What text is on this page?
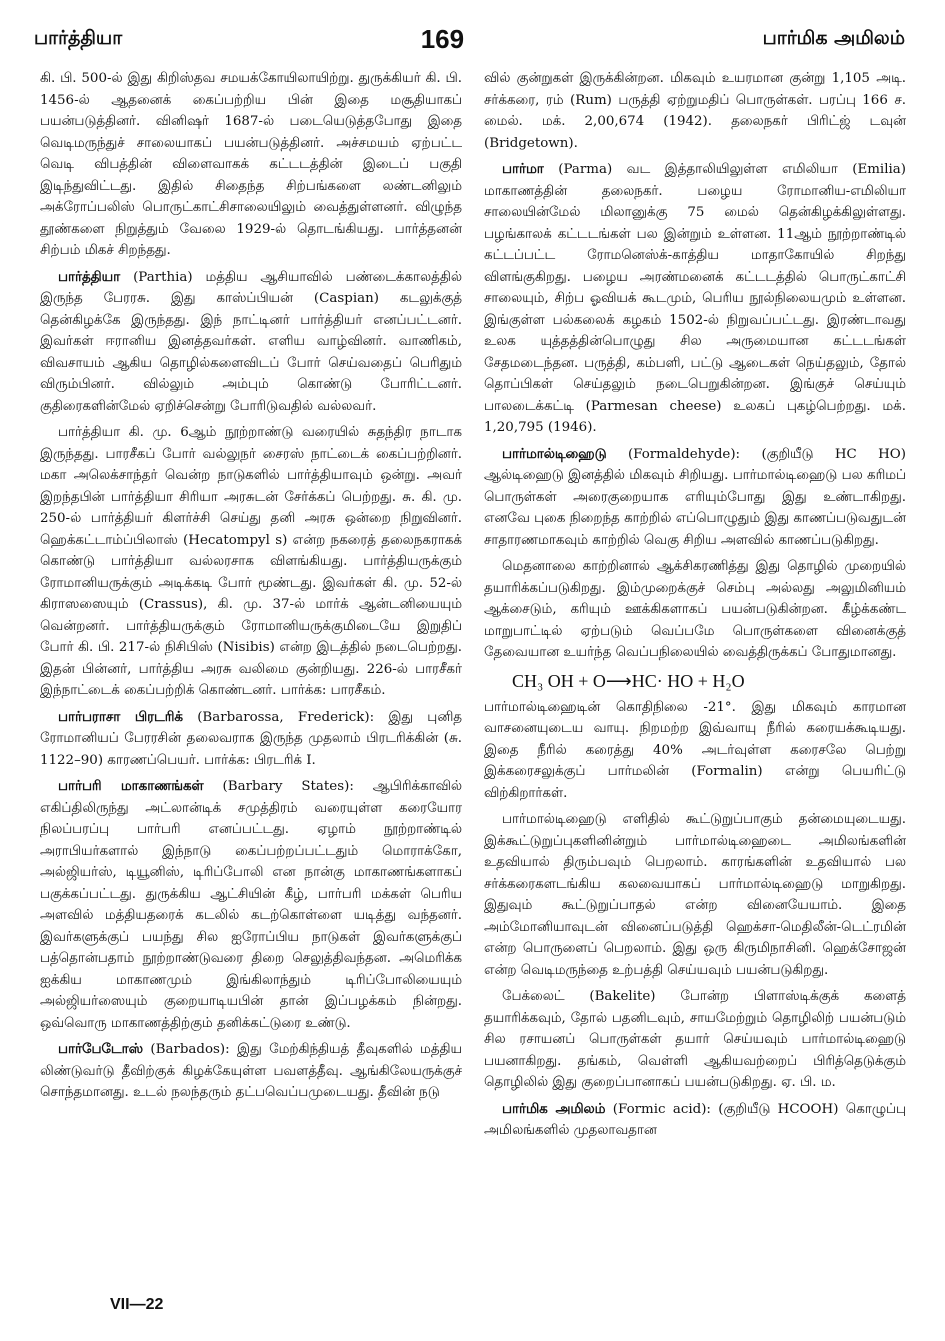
பார்த்தியா	169	பார்மிக அமிலம்

கி. பி. 500-ல் இது கிறிஸ்தவ சமயக்கோயிலாயிற்று. துருக்கியர் கி. பி. 1456-ல் ஆதனைக் கைப்பற்றிய பின் இதை மசூதியாகப் பயன்படுத்தினர். வினிஷர் 1687-ல் படையெடுத்தபோது இதை வெடிமருந்துச் சாலையாகப் பயன்படுத்தினர். அச்சமயம் ஏற்பட்ட வெடி விபத்தின் விளைவாகக் கட்டடத்தின் இடைப் பகுதி இடிந்துவிட்டது. இதில் சிதைந்த சிற்பங்களை லண்டனிலும் அக்ரோப்பலிஸ் பொருட்காட்சிசாலையிலும் வைத்துள்ளனர். விழுந்த தூண்களை நிறுத்தும் வேலை 1929-ல் தொடங்கியது. பார்த்தனன் சிற்பம் மிகச் சிறந்தது.

பார்த்தியா (Parthia) மத்திய ஆசியாவில் பண்டைக்காலத்தில் இருந்த பேரரசு. இது காஸ்ப்பியன் (Caspian) கடலுக்குத் தென்கிழக்கே இருந்தது. இந் நாட்டினர் பார்த்தியர் எனப்பட்டனர். இவர்கள் ஈரானிய இனத்தவர்கள். எளிய வாழ்வினர். வாணிகம், விவசாயம் ஆகிய தொழில்களைவிடப் போர் செய்வதைப் பெரிதும் விரும்பினர். வில்லும் அம்பும் கொண்டு போரிட்டனர். குதிரைகளின்மேல் ஏறிச்சென்று போரிடுவதில் வல்லவர்.

பார்த்தியா கி. மு. 6ஆம் நூற்றாண்டு வரையில் சுதந்திர நாடாக இருந்தது. பாரசீகப் போர் வல்லுநர் சைரஸ் நாட்டைக் கைப்பற்றினர். மகா அலெக்சாந்தர் வென்ற நாடுகளில் பார்த்தியாவும் ஒன்று. அவர் இறந்தபின் பார்த்தியா சிரியா அரசுடன் சேர்க்கப் பெற்றது. சு. கி. மு. 250-ல் பார்த்தியர் கிளர்ச்சி செய்து தனி அரசு ஒன்றை நிறுவினர். ஹெக்கட்டாம்ப்பிலாஸ் (Hecatompyl s) என்ற நகரைத் தலைநகராகக் கொண்டு பார்த்தியா வல்லரசாக விளங்கியது. பார்த்தியருக்கும் ரோமானியருக்கும் அடிக்கடி போர் மூண்டது. இவர்கள் கி. மு. 52-ல் கிராஸஸையும் (Crassus), கி. மு. 37-ல் மார்க் ஆன்டனியையும் வென்றனர். பார்த்தியருக்கும் ரோமானியருக்குமிடையே இறுதிப் போர் கி. பி. 217-ல் நிசிபிஸ் (Nisibis) என்ற இடத்தில் நடைபெற்றது. இதன் பின்னர், பார்த்திய அரசு வலிமை குன்றியது. 226-ல் பாரசீகர் இந்நாட்டைக் கைப்பற்றிக் கொண்டனர். பார்க்க: பாரசீகம்.

பார்பராசா பிரடரிக் (Barbarossa, Frederick): இது புனித ரோமானியப் பேரரசின் தலைவராக இருந்த முதலாம் பிரடரிக்கின் (சு. 1122–90) காரணப்பெயர். பார்க்க: பிரடரிக் I.

பார்பரி மாகாணங்கள் (Barbary States): ஆபிரிக்காவில் எகிப்திலிருந்து அட்லான்டிக் சமுத்திரம் வரையுள்ள கரையோர நிலப்பரப்பு பார்பரி எனப்பட்டது. ஏழாம் நூற்றாண்டில் அராபியர்களால் இந்நாடு கைப்பற்றப்பட்டதும் மொராக்கோ, அல்ஜியர்ஸ், டியூனிஸ், டிரிப்போலி என நான்கு மாகாணங்களாகப் பகுக்கப்பட்டது. துருக்கிய ஆட்சியின் கீழ், பார்பரி மக்கள் பெரிய அளவில் மத்தியதரைக் கடலில் கடற்கொள்ளை யடித்து வந்தனர். இவர்களுக்குப் பயந்து சில ஐரோப்பிய நாடுகள் இவர்களுக்குப் பத்தொன்பதாம் நூற்றாண்டுவரை திறை செலுத்திவந்தன. அமெரிக்க ஐக்கிய மாகாணமும் இங்கிலாந்தும் டிரிப்போலியையும் அல்ஜியர்ஸையும் குறையாடியபின் தான் இப்பழக்கம் நின்றது. ஒவ்வொரு மாகாணத்திற்கும் தனிக்கட்டுரை உண்டு.

பார்பேடோஸ் (Barbados): இது மேற்கிந்தியத் தீவுகளில் மத்திய லிண்டுவர்டு தீவிற்குக் கிழக்கேயுள்ள பவளத்தீவு. ஆங்கிலேயருக்குச் சொந்தமானது. உடல் நலந்தரும் தட்பவெப்பமுடையது. தீவின் நடு

வில் குன்றுகள் இருக்கின்றன. மிகவும் உயரமான குன்று 1,105 அடி. சர்க்கரை, ரம் (Rum) பருத்தி ஏற்றுமதிப் பொருள்கள். பரப்பு 166 ச. மைல். மக். 2,00,674 (1942). தலைநகர் பிரிட்ஜ் டவுன் (Bridgetown).

பார்மா (Parma) வட இத்தாலியிலுள்ள எமிலியா (Emilia) மாகாணத்தின் தலைநகர். பழைய ரோமானிய-எமிலியா சாலையின்மேல் மிலானுக்கு 75 மைல் தென்கிழக்கிலுள்ளது. பழங்காலக் கட்டடங்கள் பல இன்றும் உள்ளன. 11ஆம் நூற்றாண்டில் கட்டப்பட்ட ரோமனெஸ்க்-காத்திய மாதாகோயில் சிறந்து விளங்குகிறது. பழைய அரண்மனைக் கட்டடத்தில் பொருட்காட்சி சாலையும், சிற்ப ஓவியக் கூடமும், பெரிய நூல்நிலையமும் உள்ளன. இங்குள்ள பல்கலைக் கழகம் 1502-ல் நிறுவப்பட்டது. இரண்டாவது உலக யுத்தத்தின்பொழுது சில அருமையான கட்டடங்கள் சேதமடைந்தன. பருத்தி, கம்பளி, பட்டு ஆடைகள் நெய்தலும், தோல் தொப்பிகள் செய்தலும் நடைபெறுகின்றன. இங்குச் செய்யும் பாலடைக்கட்டி (Parmesan cheese) உலகப் புகழ்பெற்றது. மக். 1,20,795 (1946).

பார்மால்டிஹைடு (Formaldehyde): (குறியீடு HC HO) ஆல்டிஹைடு இனத்தில் மிகவும் சிறியது. பார்மால்டிஹைடு பல கரிமப் பொருள்கள் அரைகுறையாக எரியும்போது இது உண்டாகிறது. எனவே புகை நிறைந்த காற்றில் எப்பொழுதும் இது காணப்படுவதுடன் சாதாரணமாகவும் காற்றில் வெகு சிறிய அளவில் காணப்படுகிறது.

மெதனாலை காற்றினால் ஆக்சிகரணித்து இது தொழில் முறையில் தயாரிக்கப்படுகிறது. இம்முறைக்குச் செம்பு அல்லது அலுமினியம் ஆக்சைடும், கரியும் ஊக்கிகளாகப் பயன்படுகின்றன. கீழ்க்கண்ட மாறுபாட்டில் ஏற்படும் வெப்பமே பொருள்களை வினைக்குத் தேவையான உயர்ந்த வெப்பநிலையில் வைத்திருக்கப் போதுமானது.

CH₃ OH + O⟶HC· HO + H₂O

பார்மால்டிஹைடின் கொதிநிலை -21°. இது மிகவும் காரமான வாசனையுடைய வாயு. நிறமற்ற இவ்வாயு நீரில் கரையக்கூடியது. இதை நீரில் கரைத்து 40% அடர்வுள்ள கரைசலே பெற்று இக்கரைசலுக்குப் பார்மலின் (Formalin) என்று பெயரிட்டு விற்கிறார்கள்.

பார்மால்டிஹைடு எளிதில் கூட்டுறுப்பாகும் தன்மையுடையது. இக்கூட்டுறுப்புகளினின்றும் பார்மால்டிஹைடை அமிலங்களின் உதவியால் திரும்பவும் பெறலாம். காரங்களின் உதவியால் பல சர்க்கரைகளடங்கிய கலவையாகப் பார்மால்டிஹைடு மாறுகிறது. இதுவும் கூட்டுறுப்பாதல் என்ற வினையேயாம். இதை அம்மோனியாவுடன் வினைப்படுத்தி ஹெக்சா-மெதிலீன்-டெட்ரமின் என்ற பொருளைப் பெறலாம். இது ஒரு கிருமிநாசினி. ஹெக்சோஜன் என்ற வெடிமருந்தை உற்பத்தி செய்யவும் பயன்படுகிறது.

பேக்லைட் (Bakelite) போன்ற பிளாஸ்டிக்குக் களைத் தயாரிக்கவும், தோல் பதனிடவும், சாயமேற்றும் தொழிலிற் பயன்படும் சில ரசாயனப் பொருள்கள் தயார் செய்யவும் பார்மால்டிஹைடு பயனாகிறது. தங்கம், வெள்ளி ஆகியவற்றைப் பிரித்தெடுக்கும் தொழிலில் இது குறைப்பானாகப் பயன்படுகிறது. ஏ. பி. ம.

பார்மிக அமிலம் (Formic acid): (குறியீடு HCOOH) கொழுப்பு அமிலங்களில் முதலாவதான

VII—22
